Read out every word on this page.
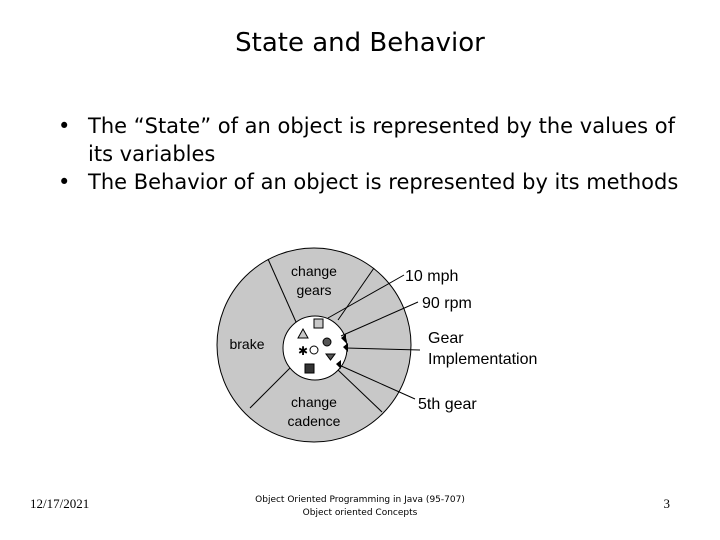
State and Behavior
• The “State” of an object is represented by the values of its variables
• The Behavior of an object is represented by its methods
change
gears
brake
change
cadence
✱
10 mph
90 rpm
Gear
Implementation
5th gear
12/17/2021	Object Oriented Programming in Java (95-707)
Object oriented Concepts
3
